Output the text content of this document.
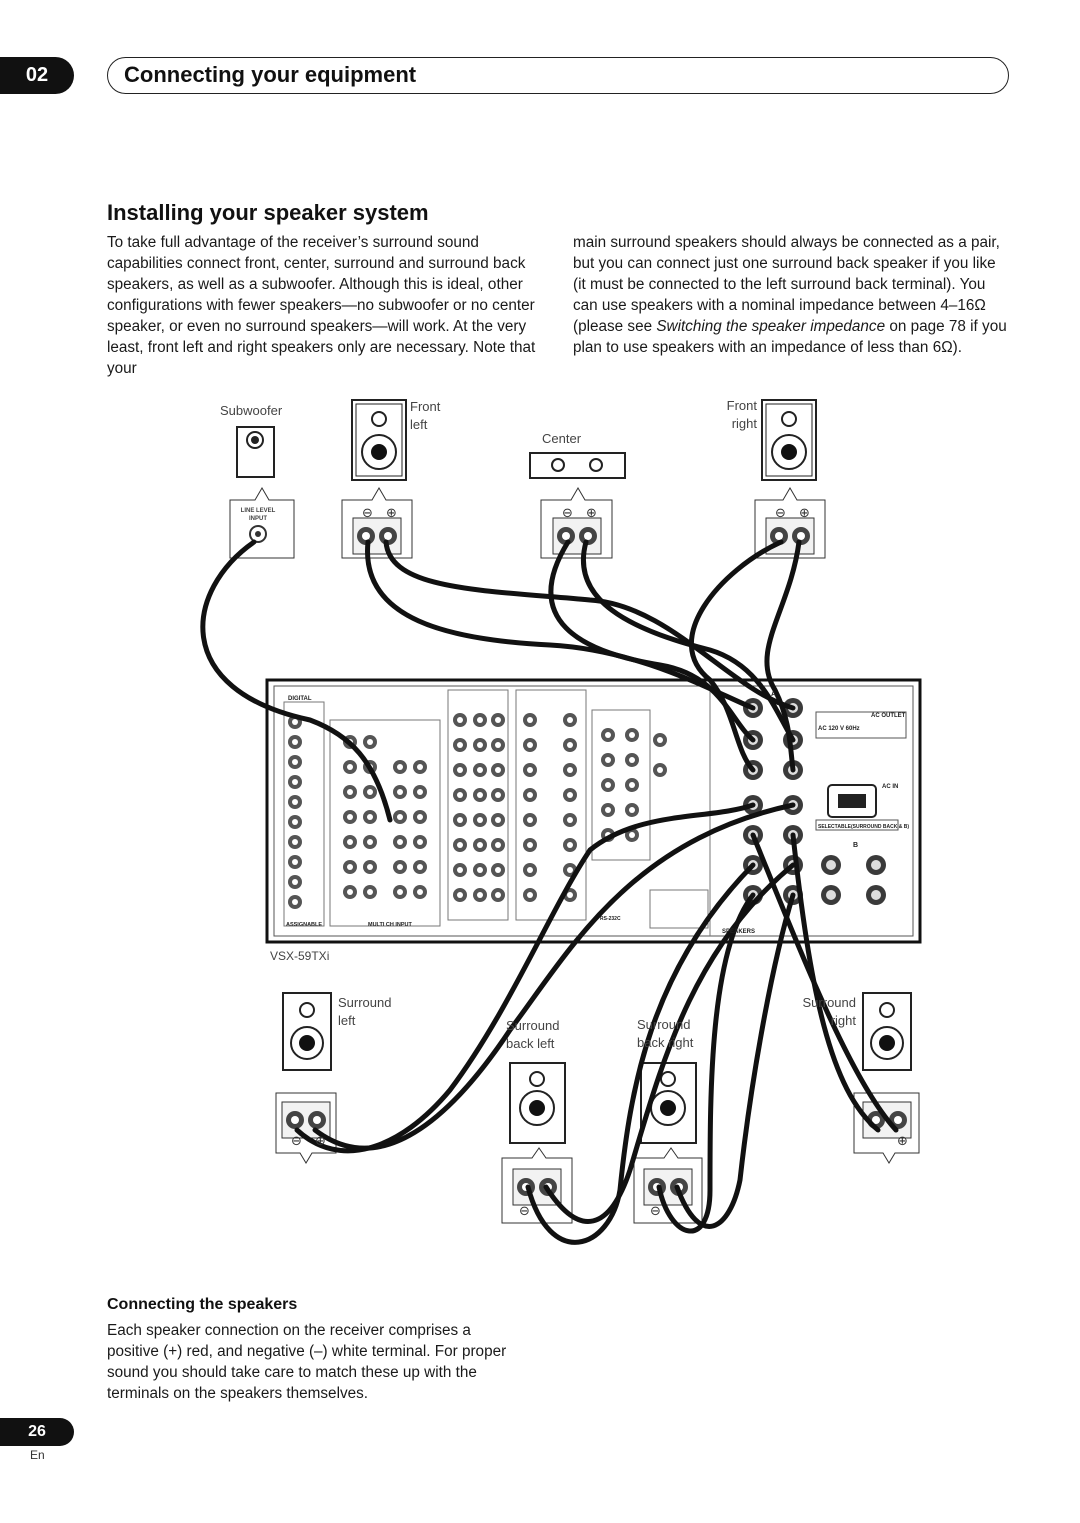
02	Connecting your equipment
Installing your speaker system

To take full advantage of the receiver’s surround sound capabilities connect front, center, surround and surround back speakers, as well as a subwoofer. Although this is ideal, other configurations with fewer speakers—no subwoofer or no center speaker, or even no surround speakers—will work. At the very least, front left and right speakers only are necessary. Note that your

main surround speakers should always be connected as a pair, but you can connect just one surround back speaker if you like (it must be connected to the left surround back terminal). You can use speakers with a nominal impedance between 4–16Ω (please see Switching the speaker impedance on page 78 if you plan to use speakers with an impedance of less than 6Ω).

⊖ ⊕	⊖ ⊕	⊖ ⊕
⊖ ⊕
⊖	⊖
⊕
DIGITAL
AC OUTLET
AC 120 V 60Hz
AC IN
SELECTABLE(SURROUND BACK & B)
ASSIGNABLE	MULTI CH INPUT
SPEAKERS
RS-232C
A
B
Subwoofer
LINE LEVEL
INPUT
Front
left
Center
Front
right
VSX-59TXi
Surround
left	Surround
back left
Surround
back right
Surround
right
Connecting the speakers

Each speaker connection on the receiver comprises a positive (+) red, and negative (–) white terminal. For proper sound you should take care to match these up with the terminals on the speakers themselves.

26
En
